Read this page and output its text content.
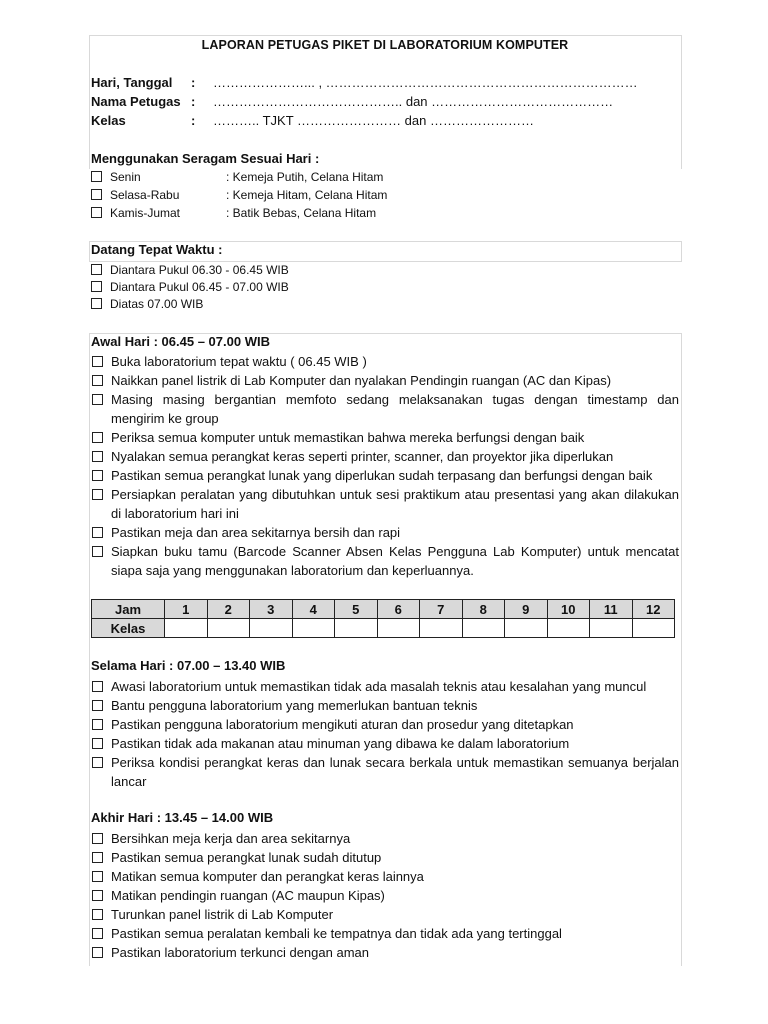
LAPORAN PETUGAS PIKET DI LABORATORIUM KOMPUTER
Hari, Tanggal : …………………... , ………………………………………………………………
Nama Petugas : …………………………………….. dan ……………………………………
Kelas	: ……….. TJKT …………………… dan ……………………
Menggunakan Seragam Sesuai Hari :
Senin	: Kemeja Putih, Celana Hitam
Selasa-Rabu	: Kemeja Hitam, Celana Hitam
Kamis-Jumat	: Batik Bebas, Celana Hitam
Datang Tepat Waktu :
Diantara Pukul 06.30 - 06.45 WIB
Diantara Pukul 06.45 - 07.00 WIB
Diatas 07.00 WIB
Awal Hari : 06.45 – 07.00 WIB
Buka laboratorium tepat waktu ( 06.45 WIB )
Naikkan panel listrik di Lab Komputer dan nyalakan Pendingin ruangan (AC dan Kipas)
Masing masing bergantian memfoto sedang melaksanakan tugas dengan timestamp dan mengirim ke group
Periksa semua komputer untuk memastikan bahwa mereka berfungsi dengan baik
Nyalakan semua perangkat keras seperti printer, scanner, dan proyektor jika diperlukan
Pastikan semua perangkat lunak yang diperlukan sudah terpasang dan berfungsi dengan baik
Persiapkan peralatan yang dibutuhkan untuk sesi praktikum atau presentasi yang akan dilakukan di laboratorium hari ini
Pastikan meja dan area sekitarnya bersih dan rapi
Siapkan buku tamu (Barcode Scanner Absen Kelas Pengguna Lab Komputer) untuk mencatat siapa saja yang menggunakan laboratorium dan keperluannya.
Jam	1	2	3	4	5	6	7	8	9	10	11	12
Kelas												
Selama Hari : 07.00 – 13.40 WIB
Awasi laboratorium untuk memastikan tidak ada masalah teknis atau kesalahan yang muncul
Bantu pengguna laboratorium yang memerlukan bantuan teknis
Pastikan pengguna laboratorium mengikuti aturan dan prosedur yang ditetapkan
Pastikan tidak ada makanan atau minuman yang dibawa ke dalam laboratorium
Periksa kondisi perangkat keras dan lunak secara berkala untuk memastikan semuanya berjalan lancar
Akhir Hari : 13.45 – 14.00 WIB
Bersihkan meja kerja dan area sekitarnya
Pastikan semua perangkat lunak sudah ditutup
Matikan semua komputer dan perangkat keras lainnya
Matikan pendingin ruangan (AC maupun Kipas)
Turunkan panel listrik di Lab Komputer
Pastikan semua peralatan kembali ke tempatnya dan tidak ada yang tertinggal
Pastikan laboratorium terkunci dengan aman
